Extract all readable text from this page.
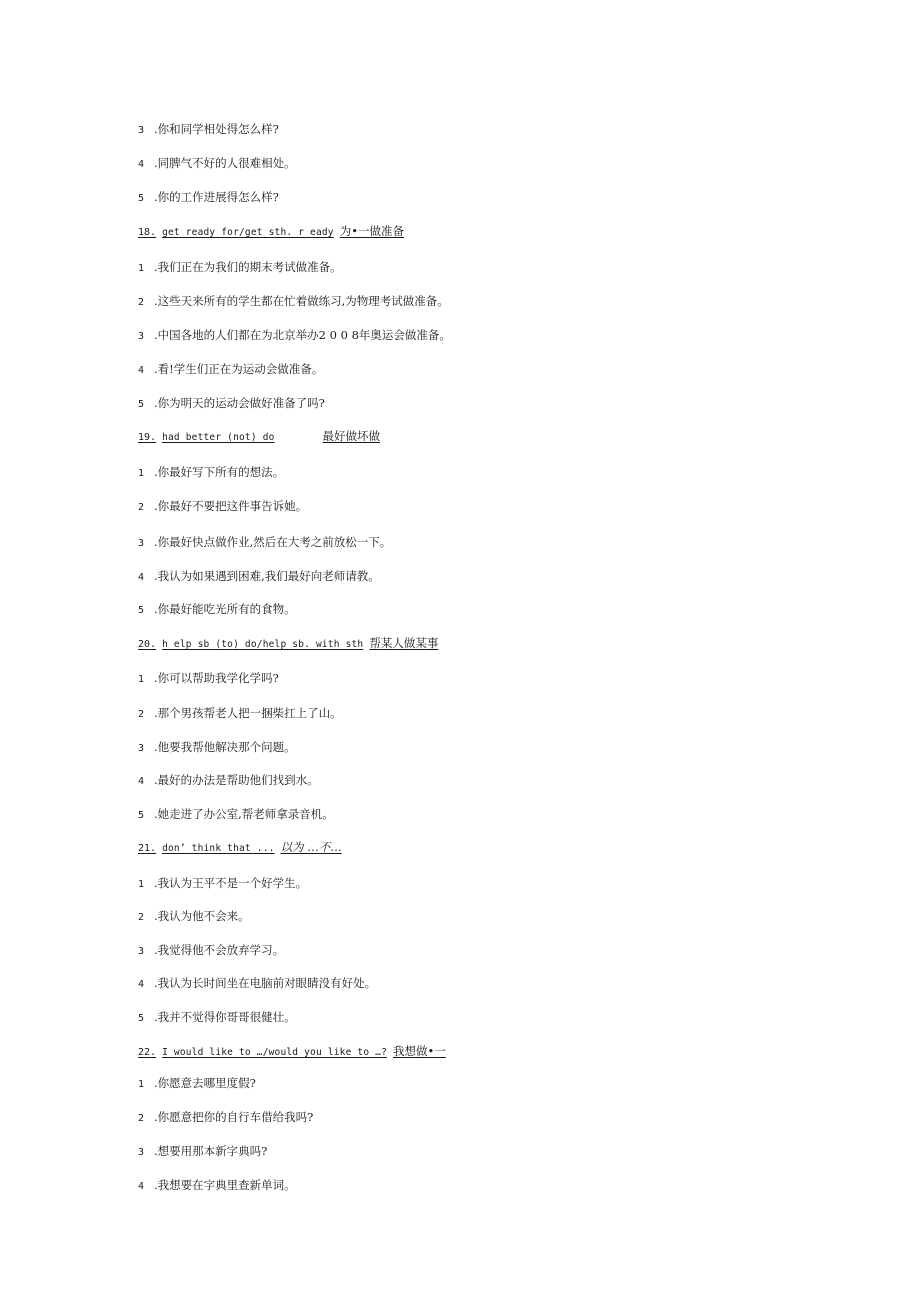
3 .你和同学相处得怎么样?
4 .同脾气不好的人很难相处。
5 .你的工作进展得怎么样?
18. get ready for/get sth. r eady 为•一做准备
1 .我们正在为我们的期末考试做准备。
2 .这些天来所有的学生都在忙着做练习,为物理考试做准备。
3 .中国各地的人们都在为北京举办2 0 0 8年奥运会做准备。
4 .看!学生们正在为运动会做准备。
5 .你为明天的运动会做好准备了吗?
19. had better (not) do	最好做坏做
1 .你最好写下所有的想法。
2 .你最好不要把这件事告诉她。
3 .你最好快点做作业,然后在大考之前放松一下。
4 .我认为如果遇到困难,我们最好向老师请教。
5 .你最好能吃光所有的食物。
20. h elp sb (to) do/help sb. with sth 帮某人做某事
1 .你可以帮助我学化学吗?
2 .那个男孩帮老人把一捆柴扛上了山。
3 .他要我帮他解决那个问题。
4 .最好的办法是帮助他们找到水。
5 .她走进了办公室,帮老师拿录音机。
21. don’ think that ... 以为 …不…
1 .我认为王平不是一个好学生。
2 .我认为他不会来。
3 .我觉得他不会放弃学习。
4 .我认为长时间坐在电脑前对眼睛没有好处。
5 .我并不觉得你哥哥很健壮。
22. I would like to …/would you like to …? 我想做•一
1 .你愿意去哪里度假?
2 .你愿意把你的自行车借给我吗?
3 .想要用那本新字典吗?
4 .我想要在字典里查新单词。
